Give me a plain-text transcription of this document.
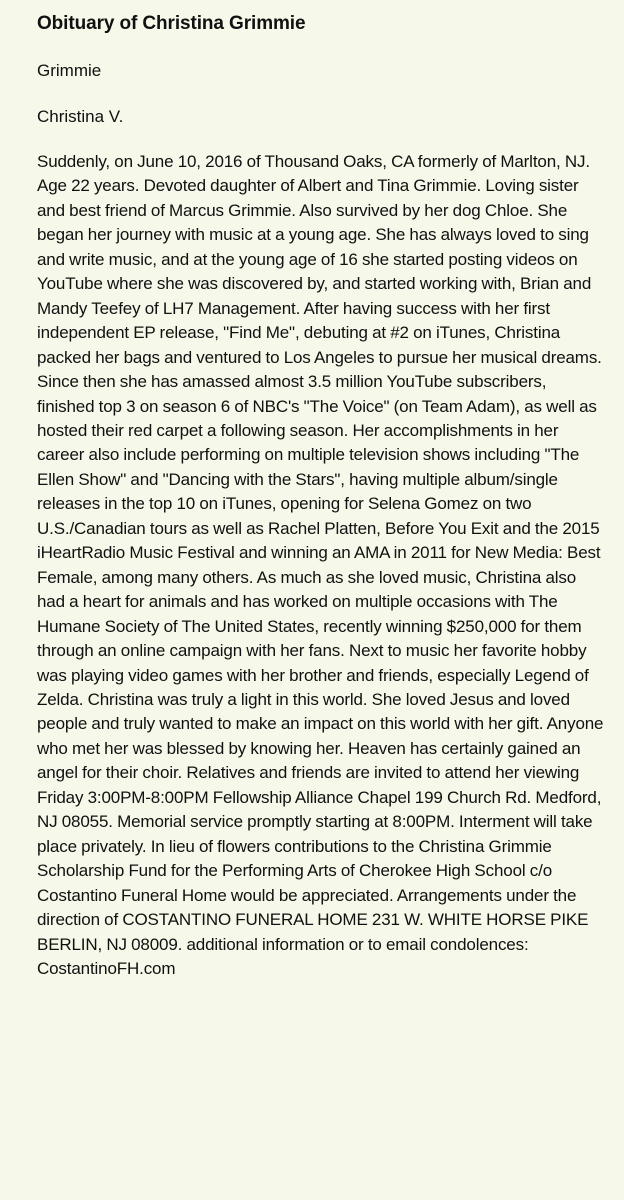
Obituary of Christina Grimmie

Grimmie

Christina V.

Suddenly, on June 10, 2016 of Thousand Oaks, CA formerly of Marlton, NJ. Age 22 years. Devoted daughter of Albert and Tina Grimmie. Loving sister and best friend of Marcus Grimmie. Also survived by her dog Chloe. She began her journey with music at a young age. She has always loved to sing and write music, and at the young age of 16 she started posting videos on YouTube where she was discovered by, and started working with, Brian and Mandy Teefey of LH7 Management. After having success with her first independent EP release, "Find Me", debuting at #2 on iTunes, Christina packed her bags and ventured to Los Angeles to pursue her musical dreams. Since then she has amassed almost 3.5 million YouTube subscribers, finished top 3 on season 6 of NBC's "The Voice" (on Team Adam), as well as hosted their red carpet a following season. Her accomplishments in her career also include performing on multiple television shows including "The Ellen Show" and "Dancing with the Stars", having multiple album/single releases in the top 10 on iTunes, opening for Selena Gomez on two U.S./Canadian tours as well as Rachel Platten, Before You Exit and the 2015 iHeartRadio Music Festival and winning an AMA in 2011 for New Media: Best Female, among many others. As much as she loved music, Christina also had a heart for animals and has worked on multiple occasions with The Humane Society of The United States, recently winning $250,000 for them through an online campaign with her fans. Next to music her favorite hobby was playing video games with her brother and friends, especially Legend of Zelda. Christina was truly a light in this world. She loved Jesus and loved people and truly wanted to make an impact on this world with her gift. Anyone who met her was blessed by knowing her. Heaven has certainly gained an angel for their choir. Relatives and friends are invited to attend her viewing Friday 3:00PM-8:00PM Fellowship Alliance Chapel 199 Church Rd. Medford, NJ 08055. Memorial service promptly starting at 8:00PM. Interment will take place privately. In lieu of flowers contributions to the Christina Grimmie Scholarship Fund for the Performing Arts of Cherokee High School c/o Costantino Funeral Home would be appreciated. Arrangements under the direction of COSTANTINO FUNERAL HOME 231 W. WHITE HORSE PIKE BERLIN, NJ 08009. additional information or to email condolences: CostantinoFH.com
